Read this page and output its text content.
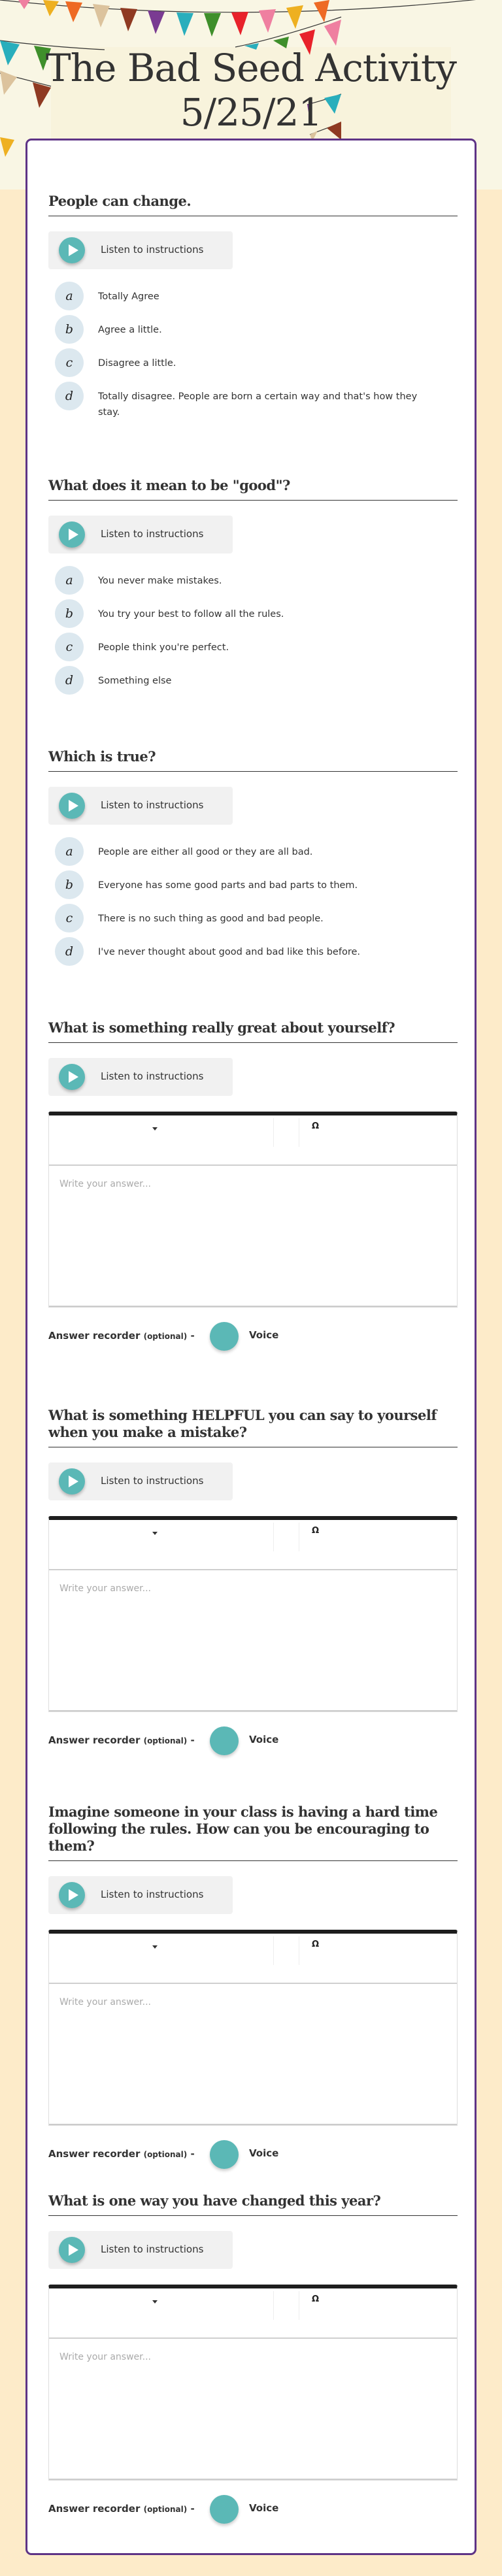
The Bad Seed Activity
5/25/21
People can change.
Listen to instructions
a	Totally Agree
b	Agree a little.
c	Disagree a little.
d	Totally disagree. People are born a certain way and that's how they stay.
What does it mean to be "good"?
Listen to instructions
a	You never make mistakes.
b	You try your best to follow all the rules.
c	People think you're perfect.
d	Something else
Which is true?
Listen to instructions
a	People are either all good or they are all bad.
b	Everyone has some good parts and bad parts to them.
c	There is no such thing as good and bad people.
d	I've never thought about good and bad like this before.
What is something really great about yourself?
Listen to instructions
Ω
Write your answer...
Answer recorder (optional) -	Voice
What is something HELPFUL you can say to yourself when you make a mistake?
Listen to instructions
Ω
Write your answer...
Answer recorder (optional) -	Voice
Imagine someone in your class is having a hard time following the rules. How can you be encouraging to them?
Listen to instructions
Ω
Write your answer...
Answer recorder (optional) -	Voice
What is one way you have changed this year?
Listen to instructions
Ω
Write your answer...
Answer recorder (optional) -	Voice
